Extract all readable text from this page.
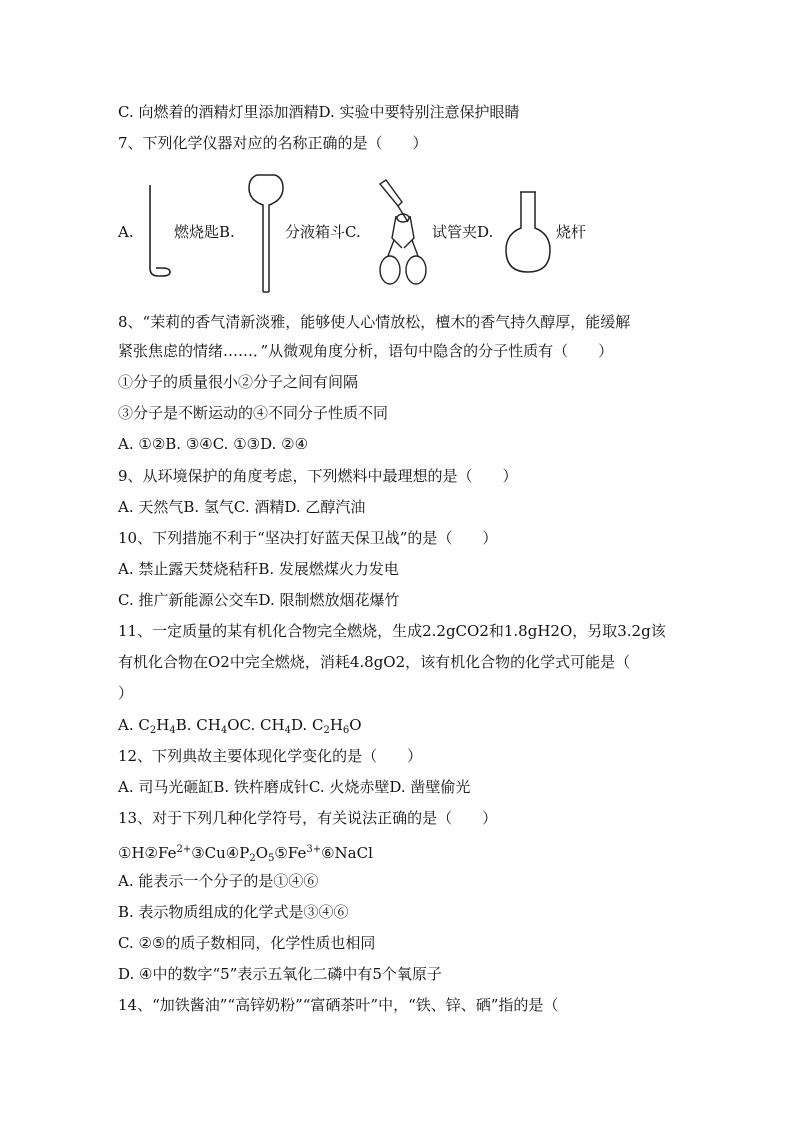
C. 向燃着的酒精灯里添加酒精D. 实验中要特别注意保护眼睛
7、下列化学仪器对应的名称正确的是（　　）
A.	燃烧匙B.	分液箱斗C.	试管夹D.	烧杆
8、“茉莉的香气清新淡雅，能够使人心情放松，檀木的香气持久醇厚，能缓解
紧张焦虑的情绪……．”从微观角度分析，语句中隐含的分子性质有（　　）
①分子的质量很小②分子之间有间隔
③分子是不断运动的④不同分子性质不同
A. ①②B. ③④C. ①③D. ②④
9、从环境保护的角度考虑，下列燃料中最理想的是（　　）
A. 天然气B. 氢气C. 酒精D. 乙醇汽油
10、下列措施不利于“坚决打好蓝天保卫战”的是（　　）
A. 禁止露天焚烧秸秆B. 发展燃煤火力发电
C. 推广新能源公交车D. 限制燃放烟花爆竹
11、一定质量的某有机化合物完全燃烧，生成2.2gCO2和1.8gH2O，另取3.2g该
有机化合物在O2中完全燃烧，消耗4.8gO2，该有机化合物的化学式可能是（
）
A. $C_2H_4B$. $CH_4OC$. $CH_4D$. $C_2H_6O$
12、下列典故主要体现化学变化的是（　　）
A. 司马光砸缸B. 铁杵磨成针C. 火烧赤壁D. 凿壁偷光
13、对于下列几种化学符号，有关说法正确的是（　　）
$①H②Fe^{2+}③Cu④P_2O_5⑤Fe^{3+}⑥NaCl$
A. 能表示一个分子的是①④⑥
B. 表示物质组成的化学式是③④⑥
C. ②⑤的质子数相同，化学性质也相同
D. ④中的数字“5”表示五氧化二磷中有5个氧原子
14、“加铁酱油”“高锌奶粉”“富硒茶叶”中，“铁、锌、硒”指的是（
